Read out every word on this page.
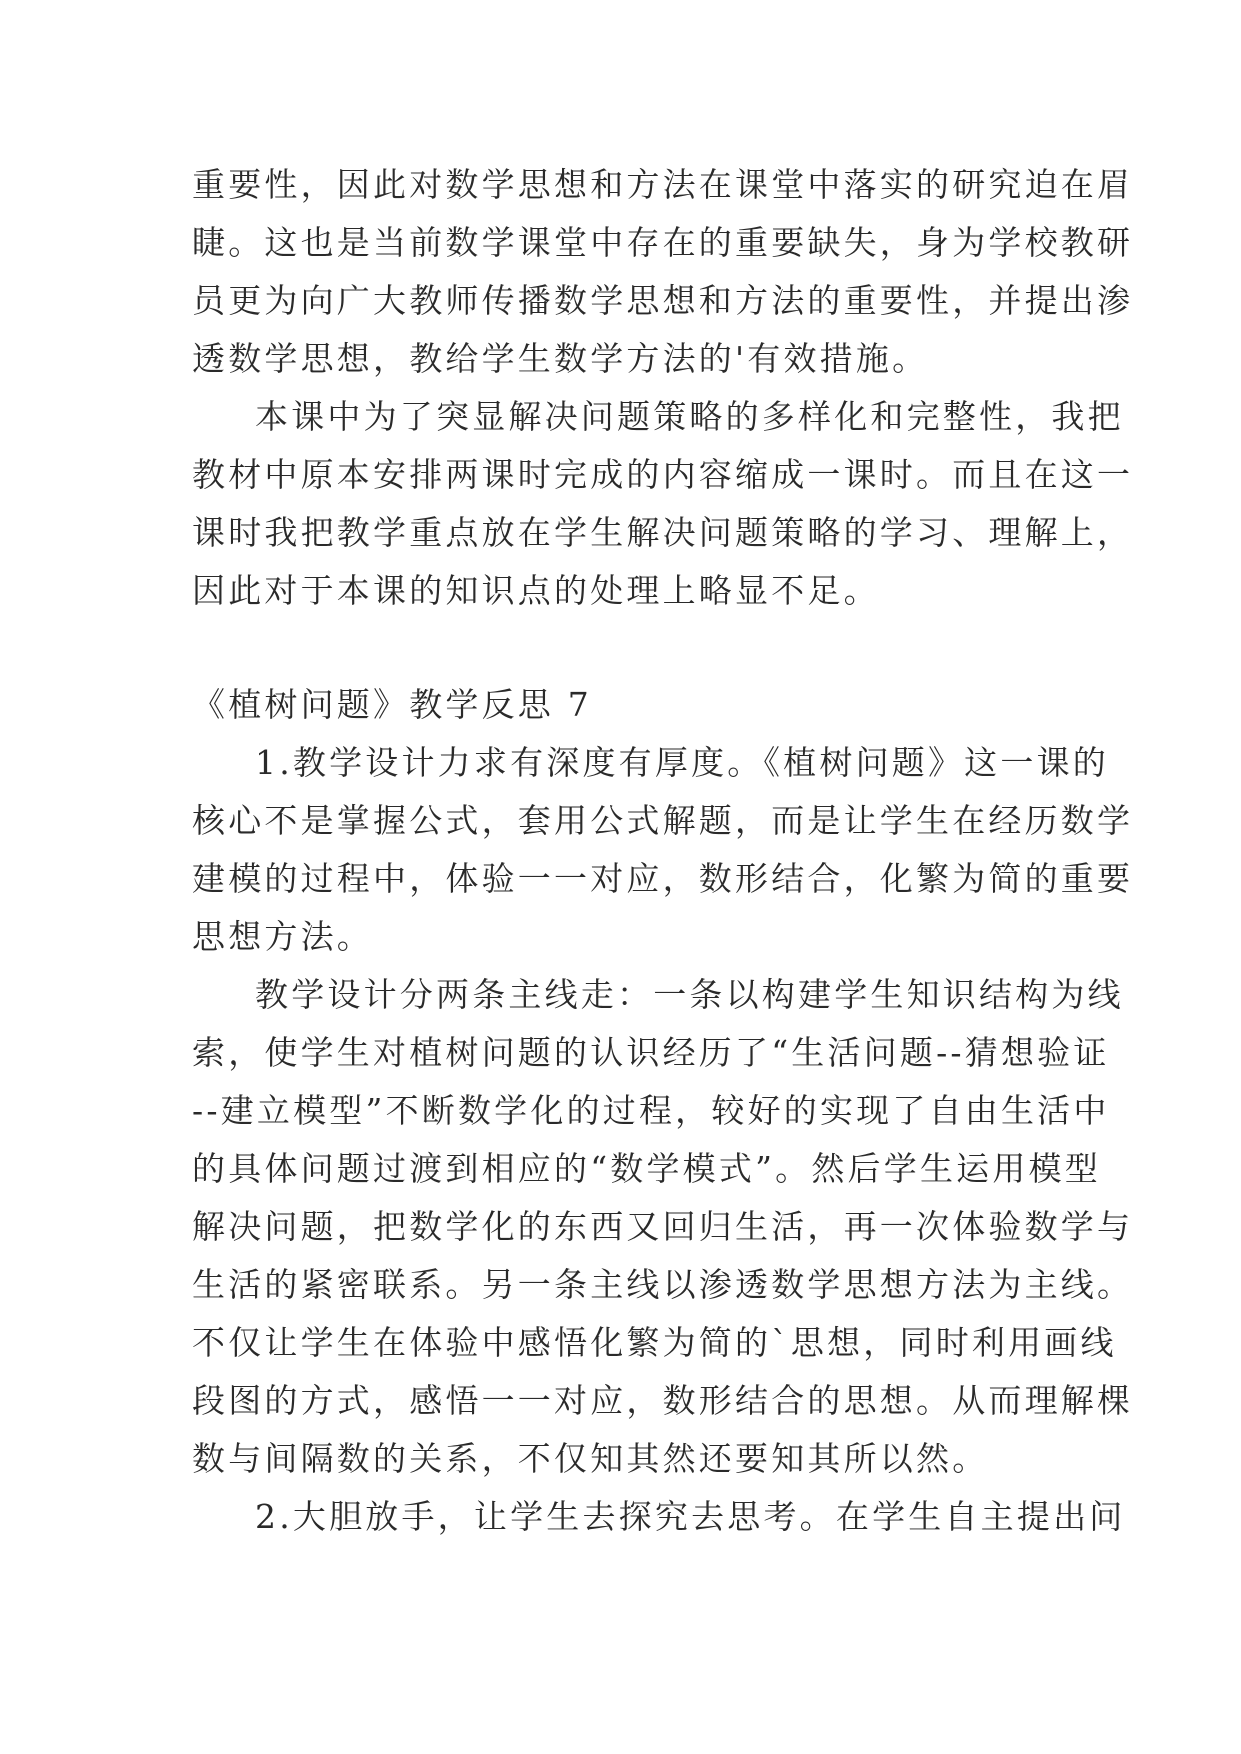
重要性，因此对数学思想和方法在课堂中落实的研究迫在眉
睫。这也是当前数学课堂中存在的重要缺失，身为学校教研
员更为向广大教师传播数学思想和方法的重要性，并提出渗
透数学思想，教给学生数学方法的'有效措施。
本课中为了突显解决问题策略的多样化和完整性，我把
教材中原本安排两课时完成的内容缩成一课时。而且在这一
课时我把教学重点放在学生解决问题策略的学习、理解上，
因此对于本课的知识点的处理上略显不足。
《植树问题》教学反思 7
1.教学设计力求有深度有厚度。《植树问题》这一课的
核心不是掌握公式，套用公式解题，而是让学生在经历数学
建模的过程中，体验一一对应，数形结合，化繁为简的重要
思想方法。
教学设计分两条主线走：一条以构建学生知识结构为线
索，使学生对植树问题的认识经历了“生活问题--猜想验证
--建立模型”不断数学化的过程，较好的实现了自由生活中
的具体问题过渡到相应的“数学模式”。然后学生运用模型
解决问题，把数学化的东西又回归生活，再一次体验数学与
生活的紧密联系。另一条主线以渗透数学思想方法为主线。
不仅让学生在体验中感悟化繁为简的`思想，同时利用画线
段图的方式，感悟一一对应，数形结合的思想。从而理解棵
数与间隔数的关系，不仅知其然还要知其所以然。
2.大胆放手，让学生去探究去思考。在学生自主提出问
